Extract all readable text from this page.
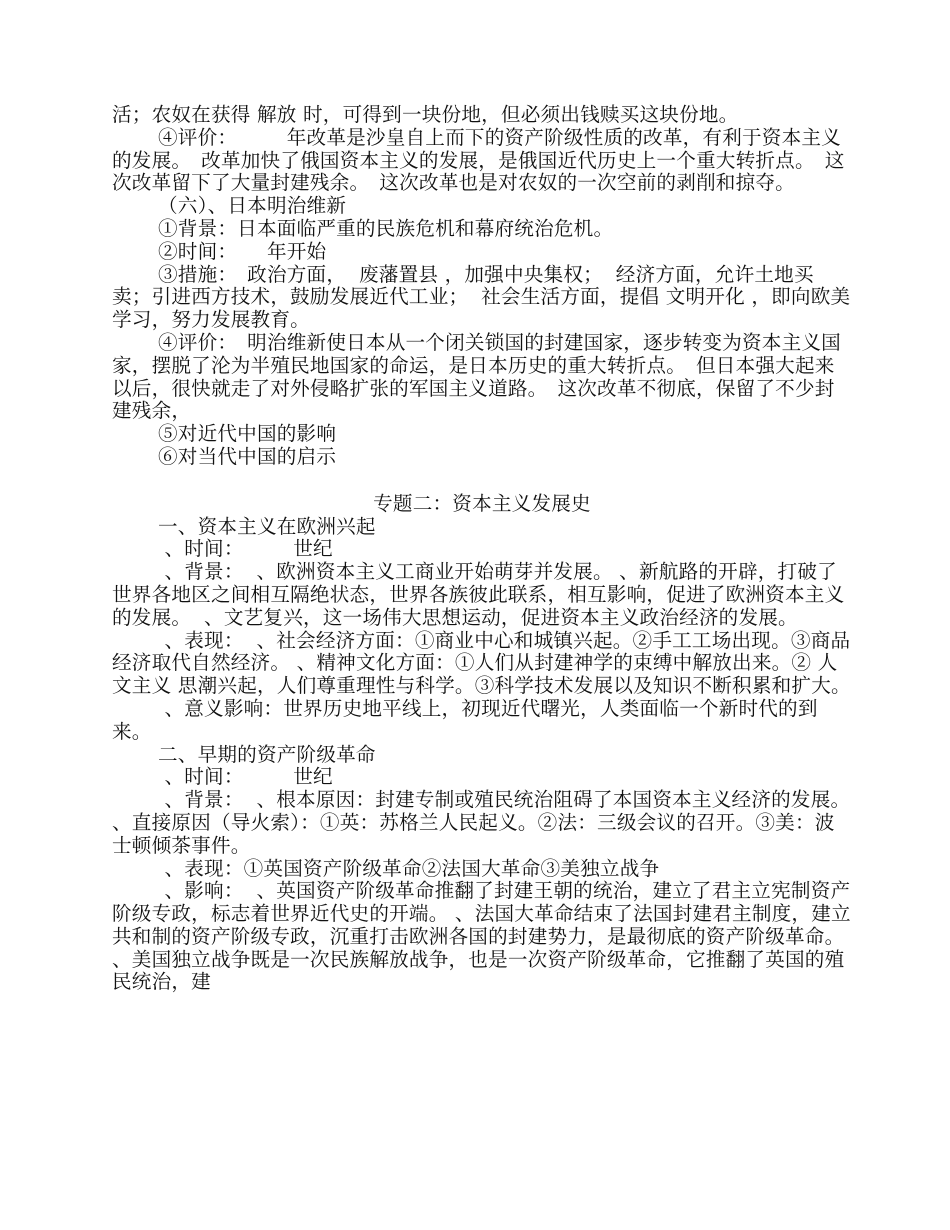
活；农奴在获得 解放 时，可得到一块份地，但必须出钱赎买这块份地。

④评价：　　　年改革是沙皇自上而下的资产阶级性质的改革，有利于资本主义的发展。　改革加快了俄国资本主义的发展，是俄国近代历史上一个重大转折点。　这次改革留下了大量封建残余。　这次改革也是对农奴的一次空前的剥削和掠夺。

（六）、日本明治维新

①背景：日本面临严重的民族危机和幕府统治危机。

②时间：　　年开始

③措施：　政治方面，  废藩置县 ，加强中央集权；  经济方面，允许土地买卖；引进西方技术，鼓励发展近代工业；  社会生活方面，提倡 文明开化 ，即向欧美学习，努力发展教育。

④评价：　明治维新使日本从一个闭关锁国的封建国家，逐步转变为资本主义国家，摆脱了沦为半殖民地国家的命运，是日本历史的重大转折点。　但日本强大起来以后，很快就走了对外侵略扩张的军国主义道路。　这次改革不彻底，保留了不少封建残余，

⑤对近代中国的影响

⑥对当代中国的启示

专题二：资本主义发展史

一、资本主义在欧洲兴起

、时间：　　　世纪

、背景：  、欧洲资本主义工商业开始萌芽并发展。 、新航路的开辟，打破了世界各地区之间相互隔绝状态，世界各族彼此联系，相互影响，促进了欧洲资本主义的发展。  、文艺复兴，这一场伟大思想运动，促进资本主义政治经济的发展。

、表现：  、社会经济方面：①商业中心和城镇兴起。②手工工场出现。③商品经济取代自然经济。 、精神文化方面：①人们从封建神学的束缚中解放出来。② 人文主义 思潮兴起，人们尊重理性与科学。③科学技术发展以及知识不断积累和扩大。

、意义影响：世界历史地平线上，初现近代曙光，人类面临一个新时代的到来。

二、早期的资产阶级革命

、时间：　　　世纪

、背景：  、根本原因：封建专制或殖民统治阻碍了本国资本主义经济的发展。  、直接原因（导火索）：①英：苏格兰人民起义。②法：三级会议的召开。③美：波士顿倾茶事件。

、表现：①英国资产阶级革命②法国大革命③美独立战争

、影响：  、英国资产阶级革命推翻了封建王朝的统治，建立了君主立宪制资产阶级专政，标志着世界近代史的开端。 、法国大革命结束了法国封建君主制度，建立共和制的资产阶级专政，沉重打击欧洲各国的封建势力，是最彻底的资产阶级革命。 、美国独立战争既是一次民族解放战争，也是一次资产阶级革命，它推翻了英国的殖民统治，建
